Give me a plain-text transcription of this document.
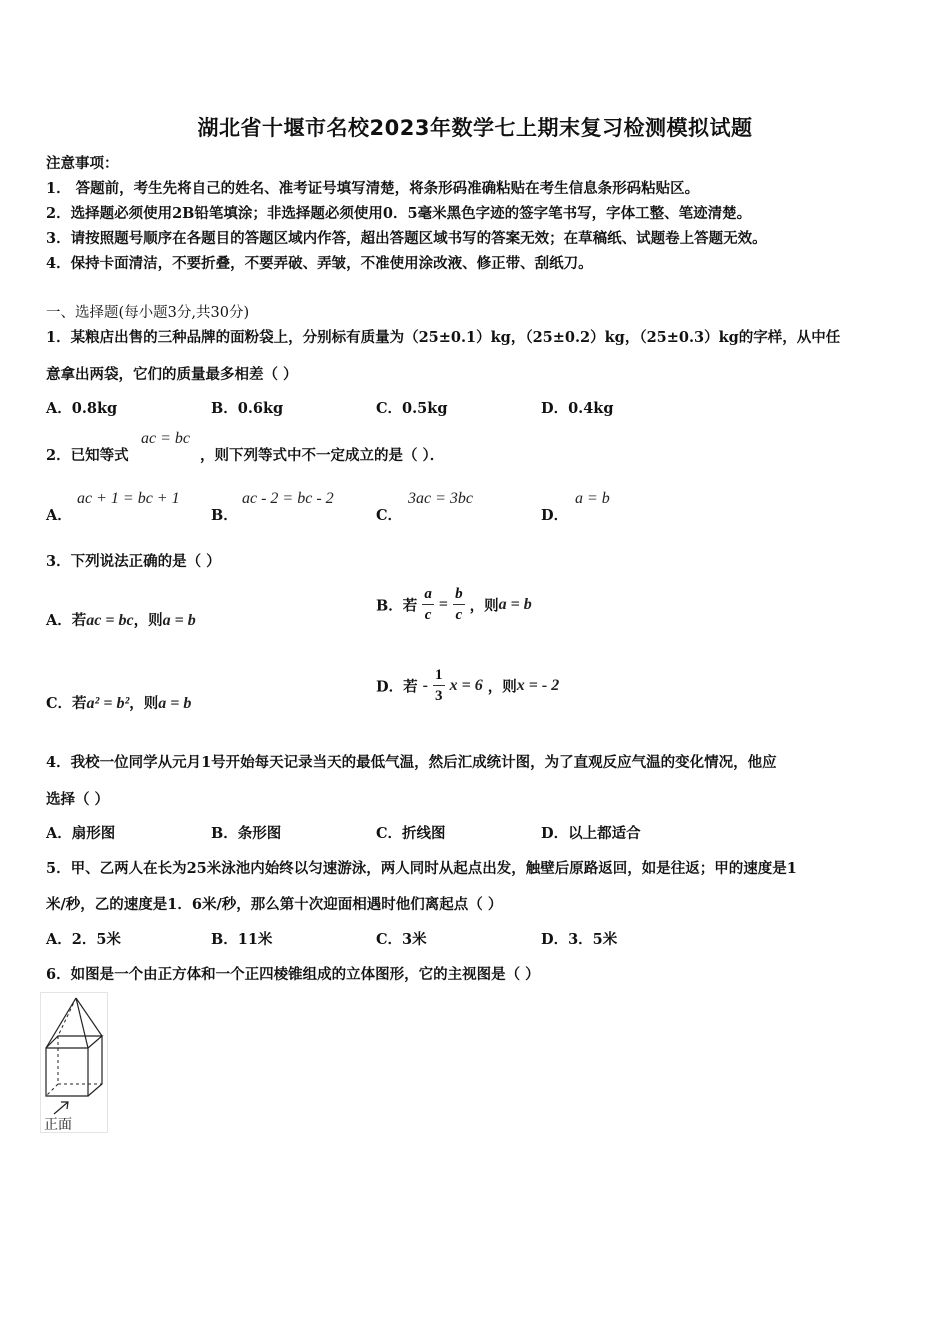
湖北省十堰市名校2023年数学七上期末复习检测模拟试题
注意事项：
1． 答题前，考生先将自己的姓名、准考证号填写清楚，将条形码准确粘贴在考生信息条形码粘贴区。
2．选择题必须使用2B铅笔填涂；非选择题必须使用0．5毫米黑色字迹的签字笔书写，字体工整、笔迹清楚。
3．请按照题号顺序在各题目的答题区域内作答，超出答题区域书写的答案无效；在草稿纸、试题卷上答题无效。
4．保持卡面清洁，不要折叠，不要弄破、弄皱，不准使用涂改液、修正带、刮纸刀。
一、选择题(每小题3分,共30分)
1．某粮店出售的三种品牌的面粉袋上，分别标有质量为（25±0.1）kg，（25±0.2）kg，（25±0.3）kg的字样，从中任
意拿出两袋，它们的质量最多相差（ ）
A．0.8kg	B．0.6kg	C．0.5kg	D．0.4kg
2．已知等式
ac = bc
，则下列等式中不一定成立的是（ ）．
A．
ac + 1 = bc + 1
B．
ac - 2 = bc - 2
C．
3ac = 3bc
D．
a = b
3．下列说法正确的是（ ）
A．若ac = bc，则a = b
B．若 $\frac{a}{c} = \frac{b}{c}$ ，则a = b
C．若a² = b²，则a = b
D．若 - $\frac{1}{3}$ x = 6 ，则x = - 2
4．我校一位同学从元月1号开始每天记录当天的最低气温，然后汇成统计图，为了直观反应气温的变化情况，他应
选择（ ）
A．扇形图	B．条形图	C．折线图	D．以上都适合
5．甲、乙两人在长为25米泳池内始终以匀速游泳，两人同时从起点出发，触壁后原路返回，如是往返；甲的速度是1
米/秒，乙的速度是1．6米/秒，那么第十次迎面相遇时他们离起点（ ）
A．2．5米	B．11米	C．3米	D．3．5米
6．如图是一个由正方体和一个正四棱锥组成的立体图形，它的主视图是（ ）
正面
